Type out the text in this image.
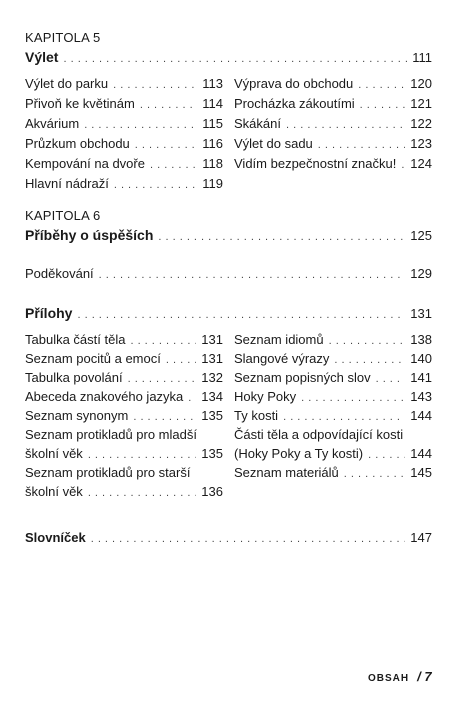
KAPITOLA 5
Výlet . . .	111
Výlet do parku . . .	113
Přivoň ke květinám . . .	114
Akvárium . . .	115
Průzkum obchodu . . .	116
Kempování na dvoře . . .	118
Hlavní nádraží . . .	119
Výprava do obchodu . . .	120
Procházka zákoutími . . .	121
Skákání . . .	122
Výlet do sadu . . .	123
Vidím bezpečnostní značku! . . . 124
KAPITOLA 6
Příběhy o úspěších . . .	125
Poděkování . . .	129
Přílohy . . .	131
Tabulka částí těla . . .	131
Seznam pocitů a emocí . . .	131
Tabulka povolání . . .	132
Abeceda znakového jazyka . . . 134
Seznam synonym . . .	135
Seznam protikladů pro mladší
školní věk . . .	135
Seznam protikladů pro starší
školní věk . . .	136
Seznam idiomů . . .	138
Slangové výrazy . . .	140
Seznam popisných slov . . .	141
Hoky Poky . . .	143
Ty kosti . . .	144
Části těla a odpovídající kosti
(Hoky Poky a Ty kosti) . . .	144
Seznam materiálů . . .	145
Slovníček . . .	147
OBSAH / 7
